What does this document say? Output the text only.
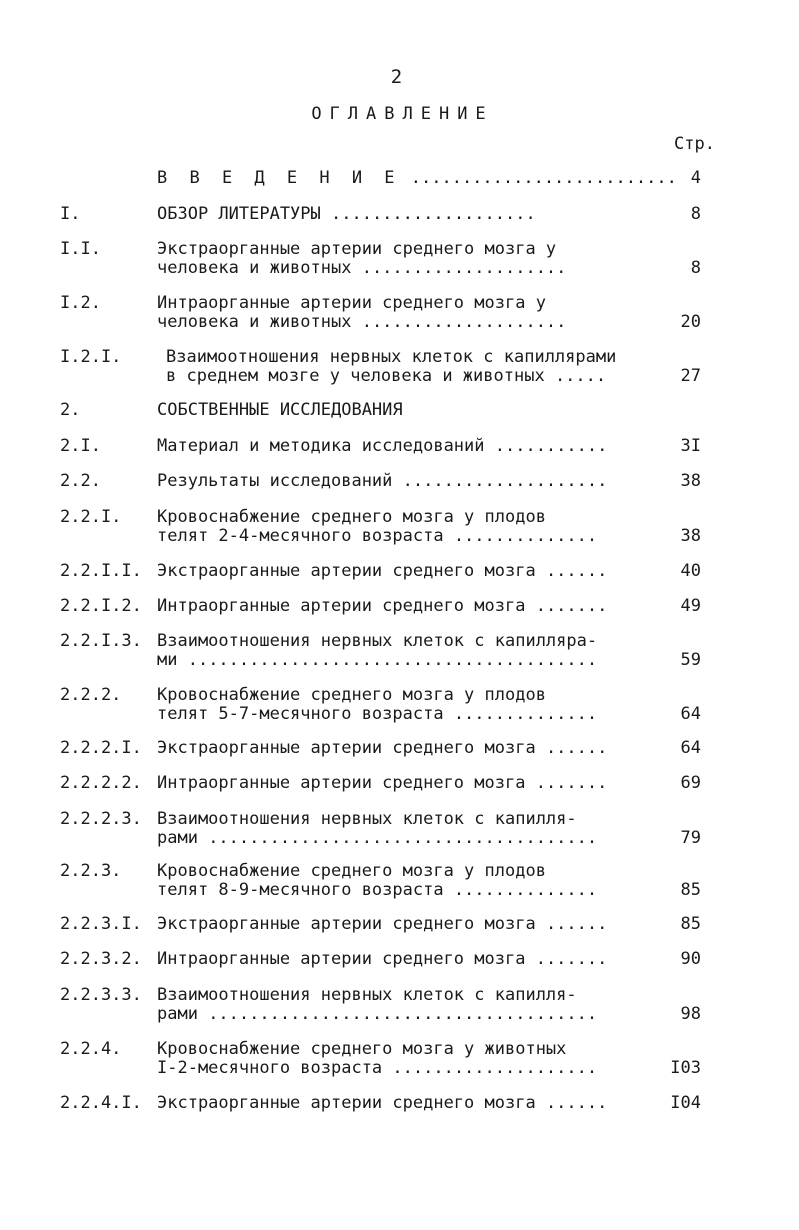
2
ОГЛАВЛЕНИЕ
Стр.
В В Е Д Е Н И Е .......................... 4
I.	ОБЗОР ЛИТЕРАТУРЫ ....................	8
I.I.	Экстраорганные артерии среднего мозга у
человека и животных ....................	8
I.2.	Интраорганные артерии среднего мозга у
человека и животных ....................	20
I.2.I.	Взаимоотношения нервных клеток с капиллярами
в среднем мозге у человека и животных .....	27
2.	СОБСТВЕННЫЕ ИССЛЕДОВАНИЯ
2.I.	Материал и методика исследований ...........	3I
2.2.	Результаты исследований ....................	38
2.2.I. Кровоснабжение среднего мозга у плодов
телят 2-4-месячного возраста ..............	38
2.2.I.I. Экстраорганные артерии среднего мозга ......	40
2.2.I.2. Интраорганные артерии среднего мозга .......	49
2.2.I.3. Взаимоотношения нервных клеток с капилляра-
ми ........................................	59
2.2.2. Кровоснабжение среднего мозга у плодов
телят 5-7-месячного возраста ..............	64
2.2.2.I. Экстраорганные артерии среднего мозга ......	64
2.2.2.2. Интраорганные артерии среднего мозга .......	69
2.2.2.3. Взаимоотношения нервных клеток с капилля-
рами ......................................	79
2.2.3. Кровоснабжение среднего мозга у плодов
телят 8-9-месячного возраста ..............	85
2.2.3.I. Экстраорганные артерии среднего мозга ......	85
2.2.3.2. Интраорганные артерии среднего мозга .......	90
2.2.3.3. Взаимоотношения нервных клеток с капилля-
рами ......................................	98
2.2.4. Кровоснабжение среднего мозга у животных
I-2-месячного возраста ....................	I03
2.2.4.I. Экстраорганные артерии среднего мозга ......	I04
